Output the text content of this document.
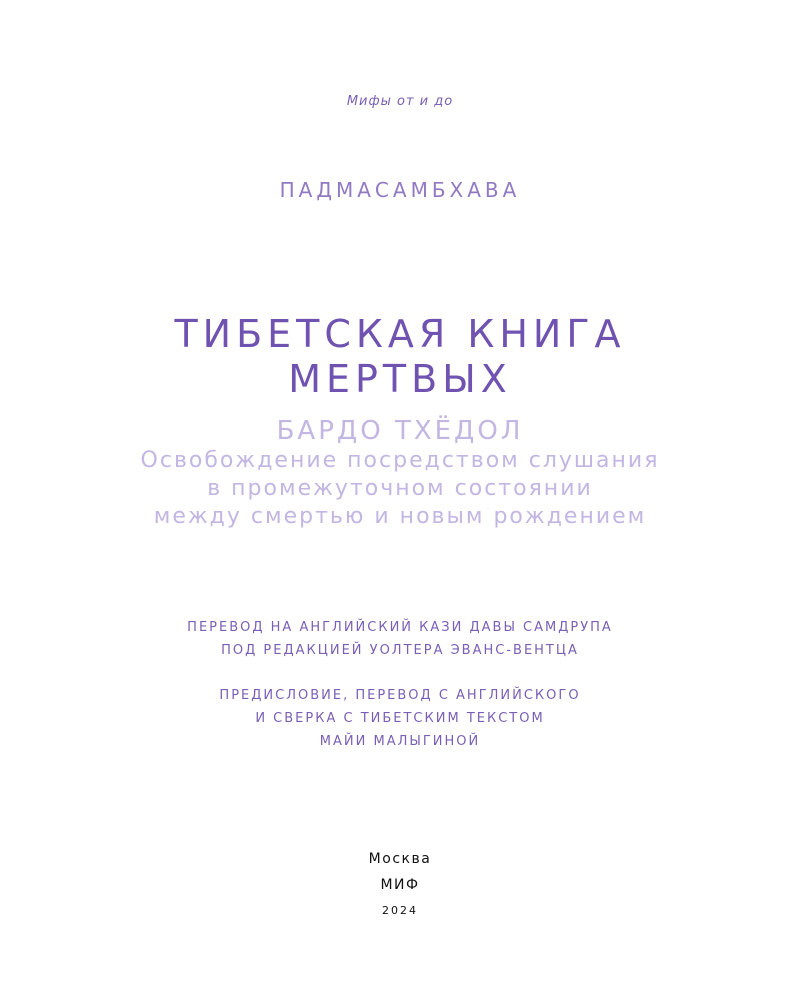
Мифы от и до
ПАДМАСАМБХАВА
ТИБЕТСКАЯ КНИГА
МЕРТВЫХ
БАРДО ТХЁДОЛ
Освобождение посредством слушания
в промежуточном состоянии
между смертью и новым рождением
ПЕРЕВОД НА АНГЛИЙСКИЙ КАЗИ ДАВЫ САМДРУПА
ПОД РЕДАКЦИЕЙ УОЛТЕРА ЭВАНС-ВЕНТЦА
ПРЕДИСЛОВИЕ, ПЕРЕВОД С АНГЛИЙСКОГО
И СВЕРКА С ТИБЕТСКИМ ТЕКСТОМ
МАЙИ МАЛЫГИНОЙ
Москва
МИФ
2024
